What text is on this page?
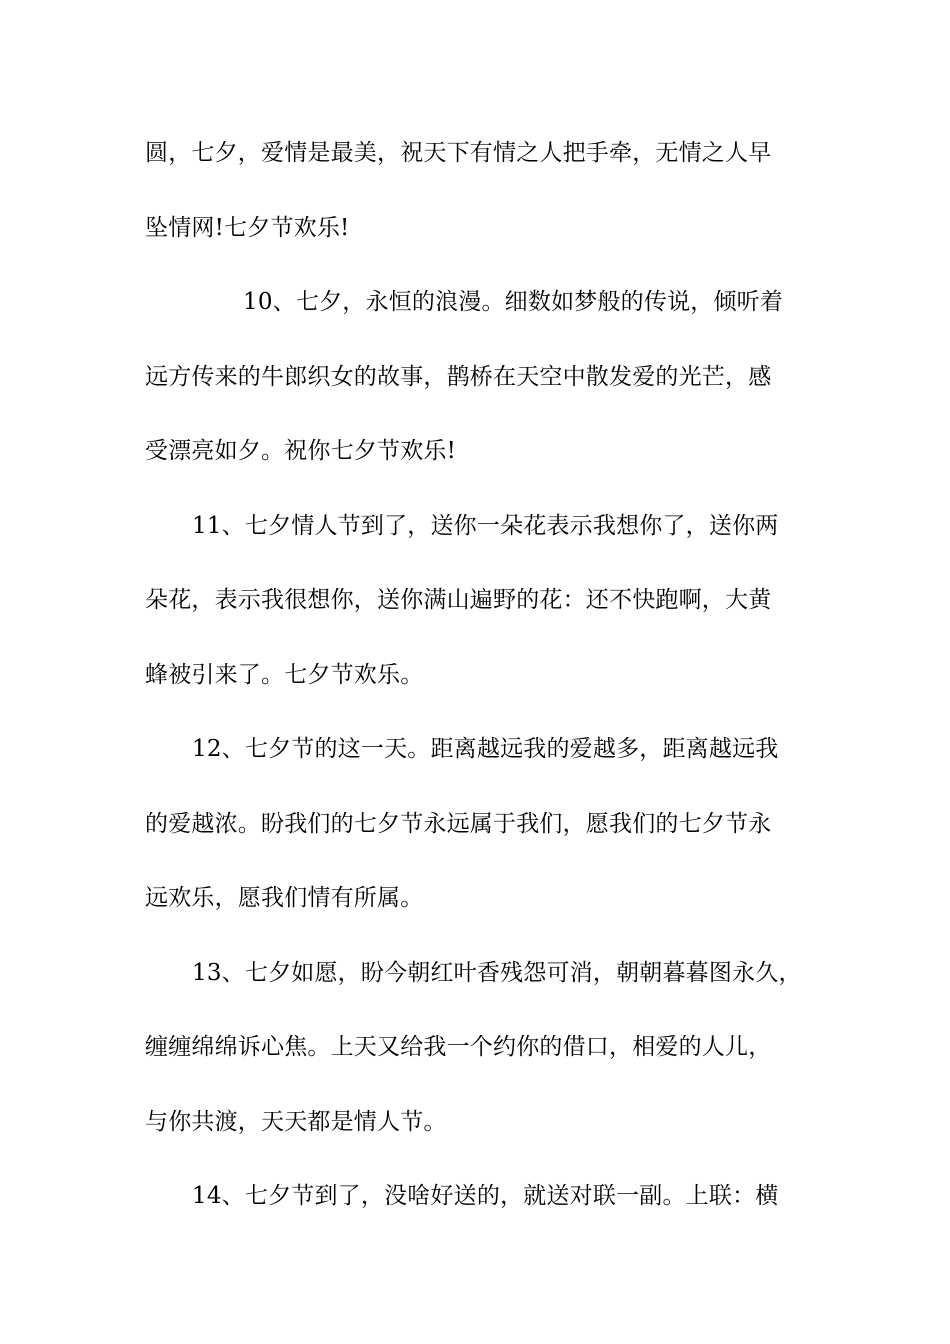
圆，七夕，爱情是最美，祝天下有情之人把手牵，无情之人早
坠情网!七夕节欢乐!
10、七夕，永恒的浪漫。细数如梦般的传说，倾听着
远方传来的牛郎织女的故事，鹊桥在天空中散发爱的光芒，感
受漂亮如夕。祝你七夕节欢乐!
11、七夕情人节到了，送你一朵花表示我想你了，送你两
朵花，表示我很想你，送你满山遍野的花：还不快跑啊，大黄
蜂被引来了。七夕节欢乐。
12、七夕节的这一天。距离越远我的爱越多，距离越远我
的爱越浓。盼我们的七夕节永远属于我们，愿我们的七夕节永
远欢乐，愿我们情有所属。
13、七夕如愿，盼今朝红叶香残怨可消，朝朝暮暮图永久，
缠缠绵绵诉心焦。上天又给我一个约你的借口，相爱的人儿，
与你共渡，天天都是情人节。
14、七夕节到了，没啥好送的，就送对联一副。上联：横
